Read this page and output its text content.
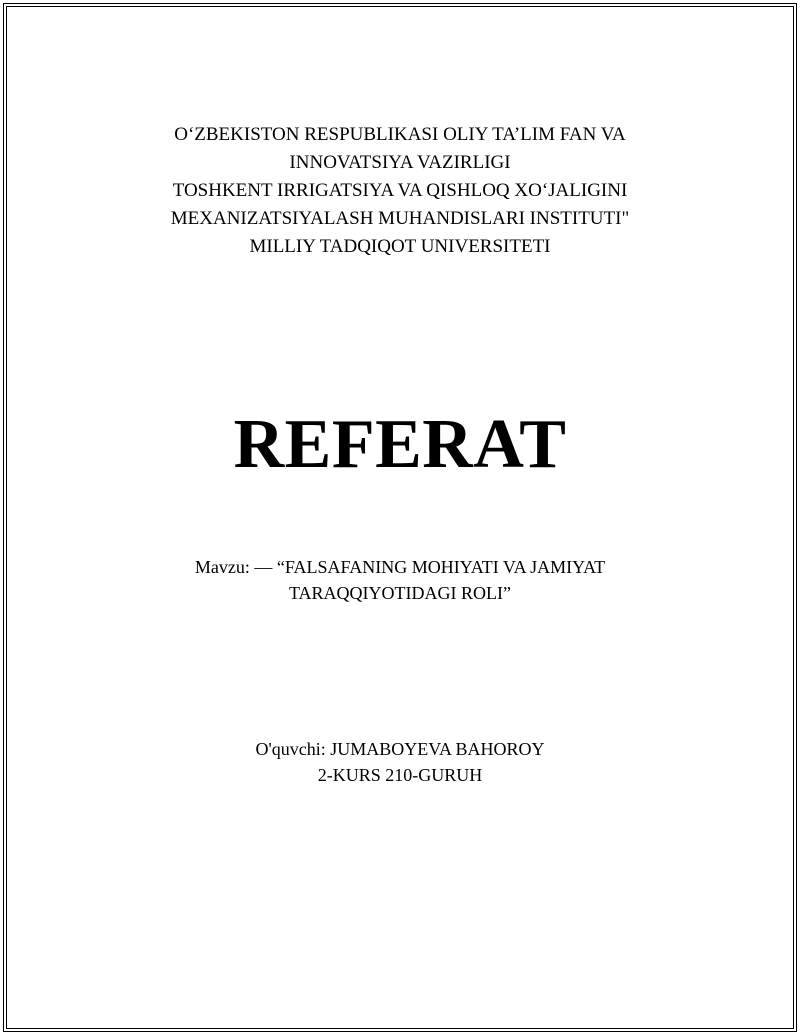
O‘ZBEKISTON RESPUBLIKASI OLIY TA’LIM FAN VA
INNOVATSIYA VAZIRLIGI
TOSHKENT IRRIGATSIYA VA QISHLOQ XO‘JALIGINI
MEXANIZATSIYALASH MUHANDISLARI INSTITUTI"
MILLIY TADQIQOT UNIVERSITETI
REFERAT
Mavzu: — “FALSAFANING MOHIYATI VA JAMIYAT
TARAQQIYOTIDAGI ROLI”
O'quvchi: JUMABOYEVA BAHOROY
2-KURS 210-GURUH
